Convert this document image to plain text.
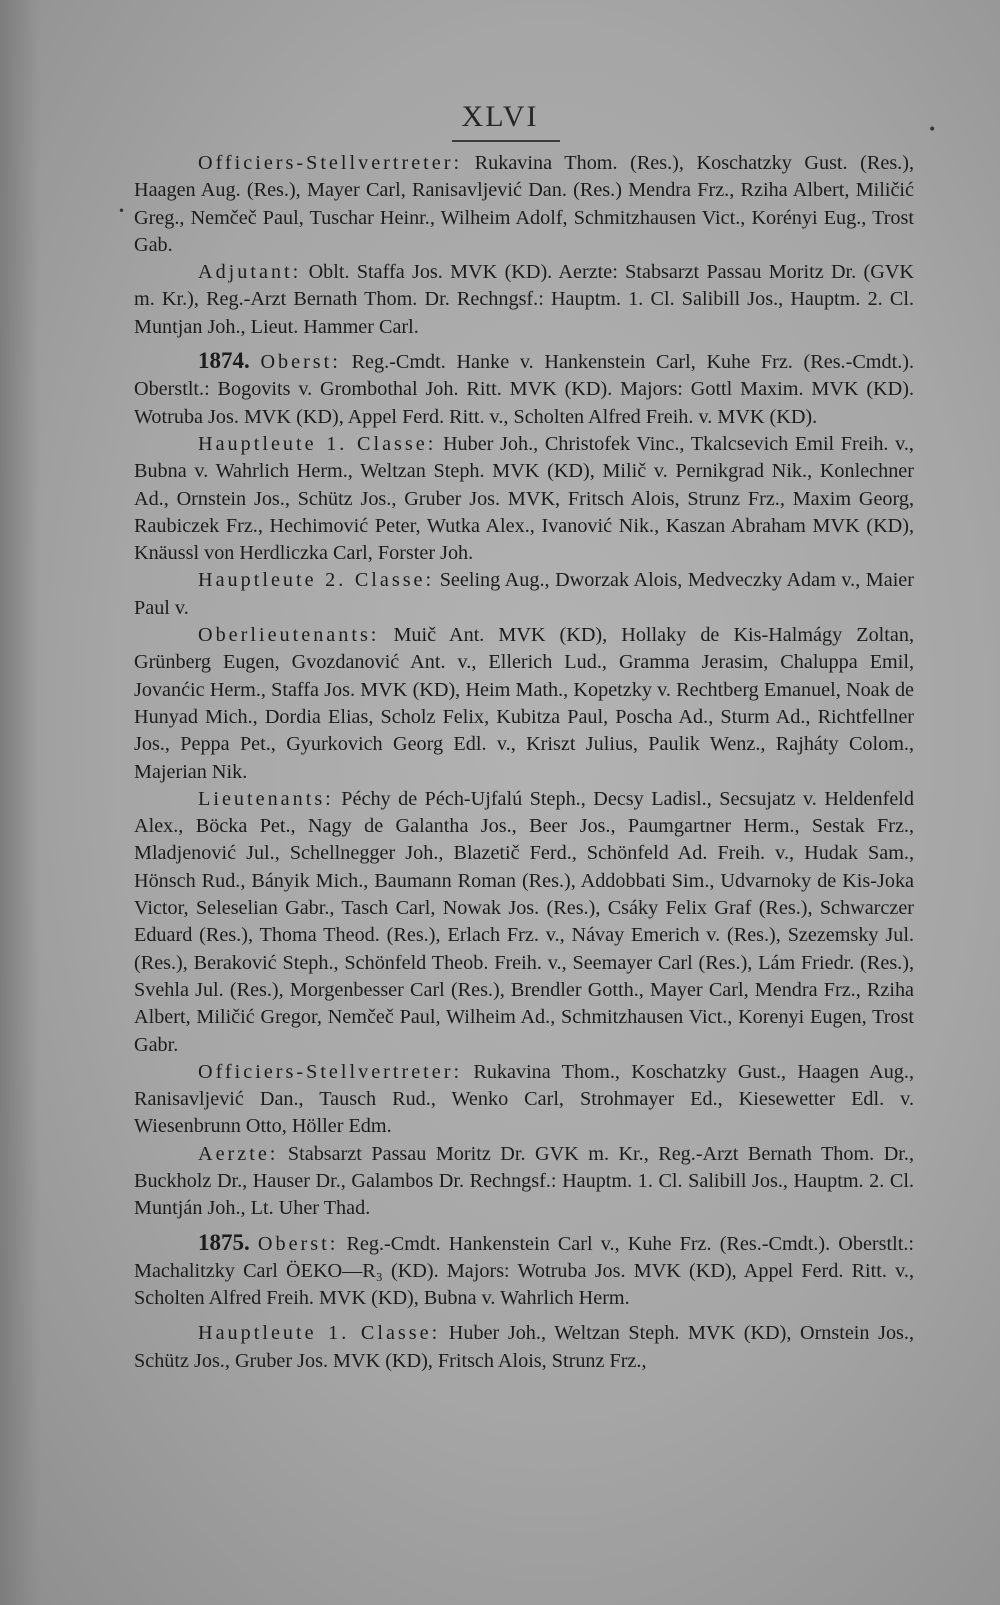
•
•
XLVI

Officiers-Stellvertreter: Rukavina Thom. (Res.), Koschatzky Gust. (Res.), Haagen Aug. (Res.), Mayer Carl, Ranisavljević Dan. (Res.) Mendra Frz., Rziha Albert, Miličić Greg., Nemčeč Paul, Tuschar Heinr., Wilheim Adolf, Schmitzhausen Vict., Korényi Eug., Trost Gab.

Adjutant: Oblt. Staffa Jos. MVK (KD). Aerzte: Stabsarzt Passau Moritz Dr. (GVK m. Kr.), Reg.-Arzt Bernath Thom. Dr. Rechngsf.: Hauptm. 1. Cl. Salibill Jos., Hauptm. 2. Cl. Muntjan Joh., Lieut. Hammer Carl.

1874. Oberst: Reg.-Cmdt. Hanke v. Hankenstein Carl, Kuhe Frz. (Res.-Cmdt.). Oberstlt.: Bogovits v. Grombothal Joh. Ritt. MVK (KD). Majors: Gottl Maxim. MVK (KD). Wotruba Jos. MVK (KD), Appel Ferd. Ritt. v., Scholten Alfred Freih. v. MVK (KD).

Hauptleute 1. Classe: Huber Joh., Christofek Vinc., Tkalcsevich Emil Freih. v., Bubna v. Wahrlich Herm., Weltzan Steph. MVK (KD), Milič v. Pernikgrad Nik., Konlechner Ad., Ornstein Jos., Schütz Jos., Gruber Jos. MVK, Fritsch Alois, Strunz Frz., Maxim Georg, Raubiczek Frz., Hechimović Peter, Wutka Alex., Ivanović Nik., Kaszan Abraham MVK (KD), Knäussl von Herdliczka Carl, Forster Joh.

Hauptleute 2. Classe: Seeling Aug., Dworzak Alois, Medveczky Adam v., Maier Paul v.

Oberlieutenants: Muič Ant. MVK (KD), Hollaky de Kis-Halmágy Zoltan, Grünberg Eugen, Gvozdanović Ant. v., Ellerich Lud., Gramma Jerasim, Chaluppa Emil, Jovanćic Herm., Staffa Jos. MVK (KD), Heim Math., Kopetzky v. Rechtberg Emanuel, Noak de Hunyad Mich., Dordia Elias, Scholz Felix, Kubitza Paul, Poscha Ad., Sturm Ad., Richtfellner Jos., Peppa Pet., Gyurkovich Georg Edl. v., Kriszt Julius, Paulik Wenz., Rajháty Colom., Majerian Nik.

Lieutenants: Péchy de Péch-Ujfalú Steph., Decsy Ladisl., Secsujatz v. Heldenfeld Alex., Böcka Pet., Nagy de Galantha Jos., Beer Jos., Paumgartner Herm., Sestak Frz., Mladjenović Jul., Schellnegger Joh., Blazetič Ferd., Schönfeld Ad. Freih. v., Hudak Sam., Hönsch Rud., Bányik Mich., Baumann Roman (Res.), Addobbati Sim., Udvarnoky de Kis-Joka Victor, Seleselian Gabr., Tasch Carl, Nowak Jos. (Res.), Csáky Felix Graf (Res.), Schwarczer Eduard (Res.), Thoma Theod. (Res.), Erlach Frz. v., Návay Emerich v. (Res.), Szezemsky Jul. (Res.), Beraković Steph., Schönfeld Theob. Freih. v., Seemayer Carl (Res.), Lám Friedr. (Res.), Svehla Jul. (Res.), Morgenbesser Carl (Res.), Brendler Gotth., Mayer Carl, Mendra Frz., Rziha Albert, Miličić Gregor, Nemčeč Paul, Wilheim Ad., Schmitzhausen Vict., Korenyi Eugen, Trost Gabr.

Officiers-Stellvertreter: Rukavina Thom., Koschatzky Gust., Haagen Aug., Ranisavljević Dan., Tausch Rud., Wenko Carl, Strohmayer Ed., Kiesewetter Edl. v. Wiesenbrunn Otto, Höller Edm.

Aerzte: Stabsarzt Passau Moritz Dr. GVK m. Kr., Reg.-Arzt Bernath Thom. Dr., Buckholz Dr., Hauser Dr., Galambos Dr. Rechngsf.: Hauptm. 1. Cl. Salibill Jos., Hauptm. 2. Cl. Muntján Joh., Lt. Uher Thad.

1875. Oberst: Reg.-Cmdt. Hankenstein Carl v., Kuhe Frz. (Res.-Cmdt.). Oberstlt.: Machalitzky Carl ÖEKO—R₃ (KD). Majors: Wotruba Jos. MVK (KD), Appel Ferd. Ritt. v., Scholten Alfred Freih. MVK (KD), Bubna v. Wahrlich Herm.

Hauptleute 1. Classe: Huber Joh., Weltzan Steph. MVK (KD), Ornstein Jos., Schütz Jos., Gruber Jos. MVK (KD), Fritsch Alois, Strunz Frz.,
